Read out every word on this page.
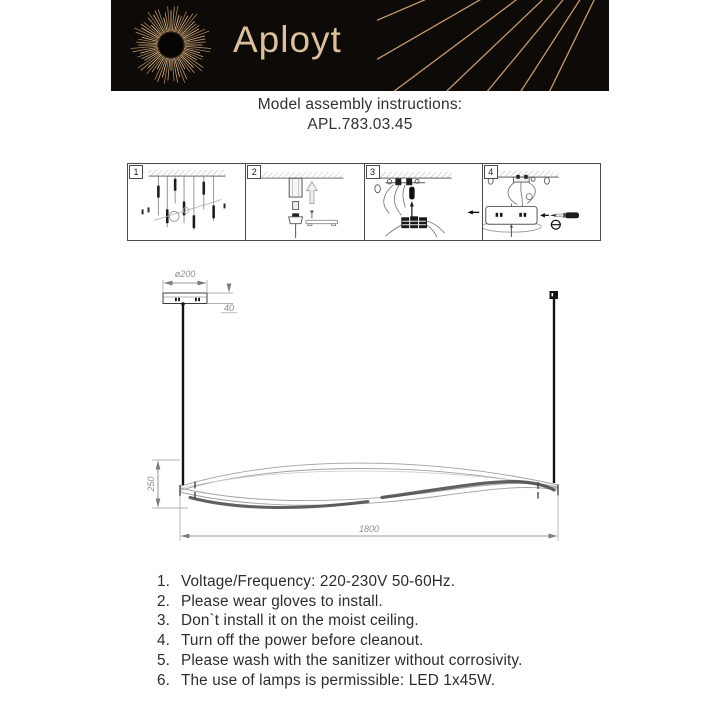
Aployt
Model assembly instructions:
APL.783.03.45
1	2	3	4
ø200
40
250
1800
1. Voltage/Frequency: 220-230V 50-60Hz.
2. Please wear gloves to install.
3. Don`t install it on the moist ceiling.
4. Turn off the power before cleanout.
5. Please wash with the sanitizer without corrosivity.
6. The use of lamps is permissible: LED 1x45W.
